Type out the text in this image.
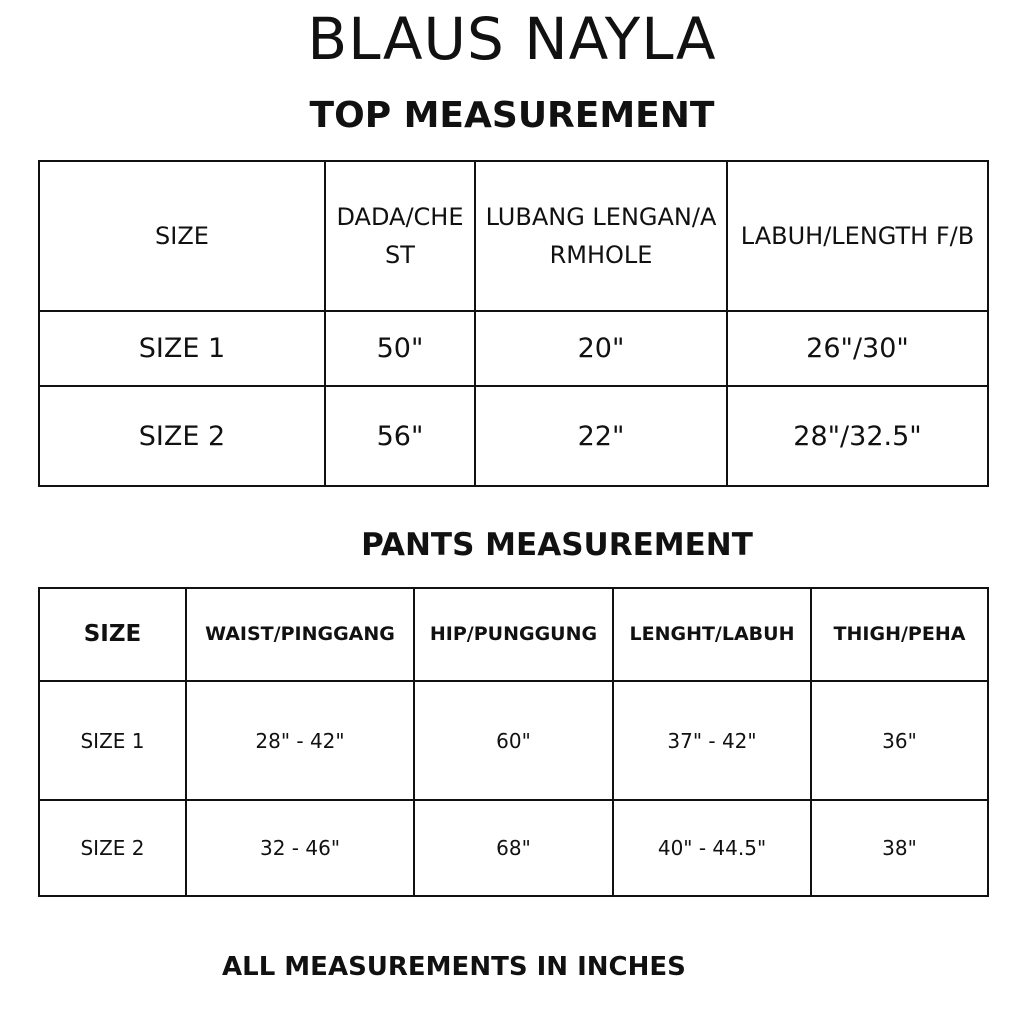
BLAUS NAYLA
TOP MEASUREMENT
SIZE	DADA/CHEST	LUBANG LENGAN/ARMHOLE	LABUH/LENGTH F/B
SIZE 1	50"	20"	26"/30"
SIZE 2	56"	22"	28"/32.5"
PANTS MEASUREMENT
SIZE	WAIST/PINGGANG	HIP/PUNGGUNG	LENGHT/LABUH	THIGH/PEHA
SIZE 1	28" - 42"	60"	37" - 42"	36"
SIZE 2	32 - 46"	68"	40" - 44.5"	38"

ALL MEASUREMENTS IN INCHES
